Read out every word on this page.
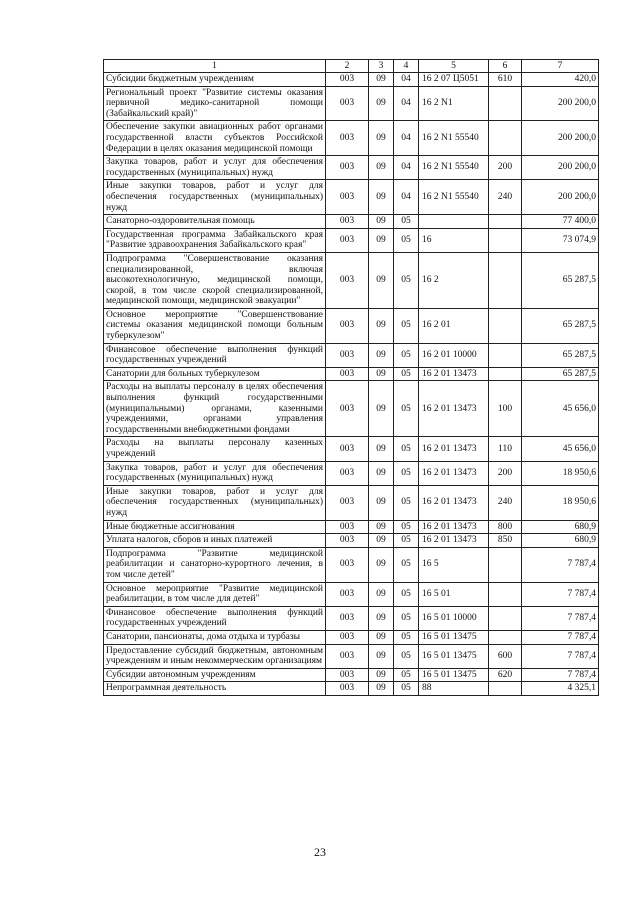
1	2	3	4	5	6	7
Субсидии бюджетным учреждениям	003	09	04	16 2 07 Ц5051	610	420,0
Региональный проект "Развитие системы оказания первичной медико-санитарной помощи (Забайкальский край)"	003	09	04	16 2 N1		200 200,0
Обеспечение закупки авиационных работ органами государственной власти субъектов Российской Федерации в целях оказания медицинской помощи	003	09	04	16 2 N1 55540		200 200,0
Закупка товаров, работ и услуг для обеспечения государственных (муниципальных) нужд	003	09	04	16 2 N1 55540	200	200 200,0
Иные закупки товаров, работ и услуг для обеспечения государственных (муниципальных) нужд	003	09	04	16 2 N1 55540	240	200 200,0
Санаторно-оздоровительная помощь	003	09	05			77 400,0
Государственная программа Забайкальского края "Развитие здравоохранения Забайкальского края"	003	09	05	16		73 074,9
Подпрограмма "Совершенствование оказания специализированной, включая высокотехнологичную, медицинской помощи, скорой, в том числе скорой специализированной, медицинской помощи, медицинской эвакуации"	003	09	05	16 2		65 287,5
Основное мероприятие "Совершенствование системы оказания медицинской помощи больным туберкулезом"	003	09	05	16 2 01		65 287,5
Финансовое обеспечение выполнения функций государственных учреждений	003	09	05	16 2 01 10000		65 287,5
Санатории для больных туберкулезом	003	09	05	16 2 01 13473		65 287,5
Расходы на выплаты персоналу в целях обеспечения выполнения функций государственными (муниципальными) органами, казенными учреждениями, органами управления государственными внебюджетными фондами	003	09	05	16 2 01 13473	100	45 656,0
Расходы на выплаты персоналу казенных учреждений	003	09	05	16 2 01 13473	110	45 656,0
Закупка товаров, работ и услуг для обеспечения государственных (муниципальных) нужд	003	09	05	16 2 01 13473	200	18 950,6
Иные закупки товаров, работ и услуг для обеспечения государственных (муниципальных) нужд	003	09	05	16 2 01 13473	240	18 950,6
Иные бюджетные ассигнования	003	09	05	16 2 01 13473	800	680,9
Уплата налогов, сборов и иных платежей	003	09	05	16 2 01 13473	850	680,9
Подпрограмма "Развитие медицинской реабилитации и санаторно-курортного лечения, в том числе детей"	003	09	05	16 5		7 787,4
Основное мероприятие "Развитие медицинской реабилитации, в том числе для детей"	003	09	05	16 5 01		7 787,4
Финансовое обеспечение выполнения функций государственных учреждений	003	09	05	16 5 01 10000		7 787,4
Санатории, пансионаты, дома отдыха и турбазы	003	09	05	16 5 01 13475		7 787,4
Предоставление субсидий бюджетным, автономным учреждениям и иным некоммерческим организациям	003	09	05	16 5 01 13475	600	7 787,4
Субсидии автономным учреждениям	003	09	05	16 5 01 13475	620	7 787,4
Непрограммная деятельность	003	09	05	88		4 325,1
23
